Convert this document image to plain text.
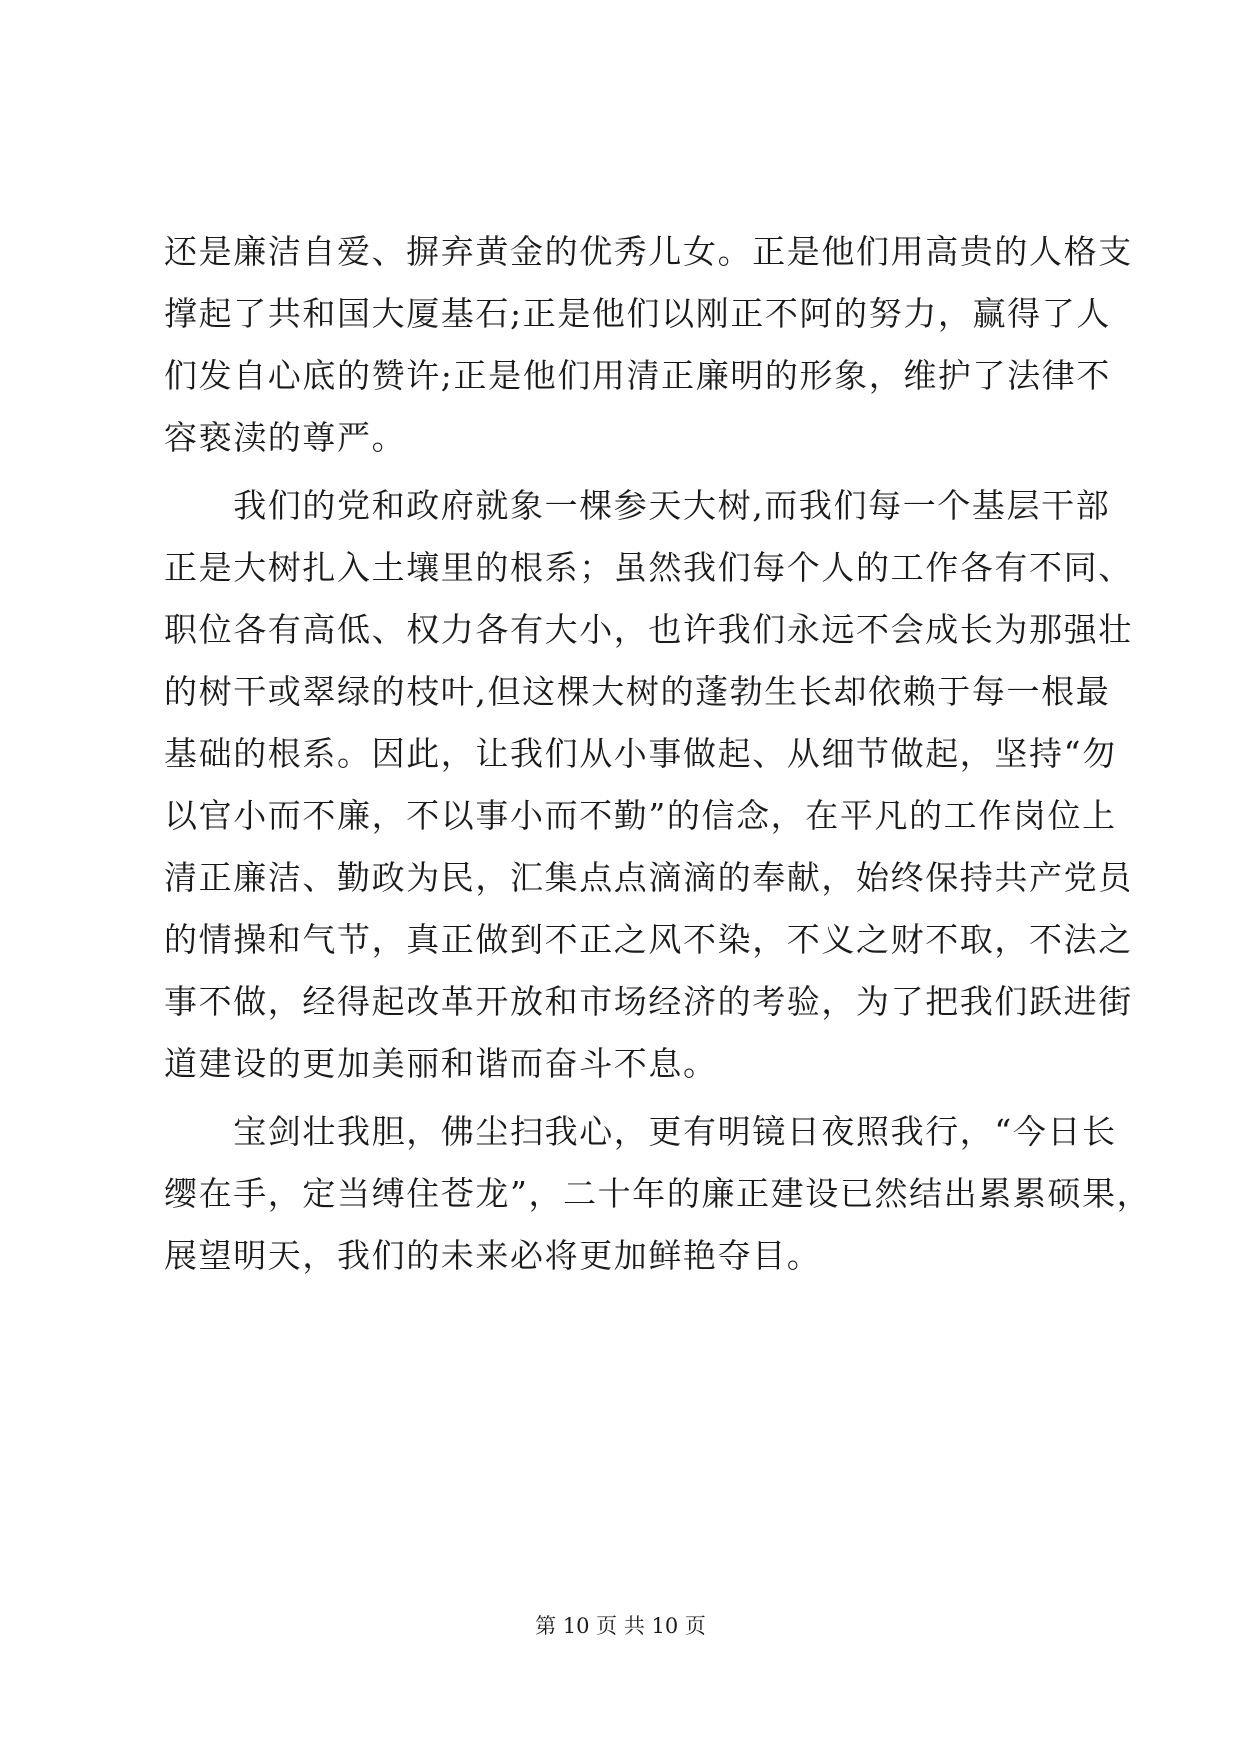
还是廉洁自爱、摒弃黄金的优秀儿女。正是他们用高贵的人格支
撑起了共和国大厦基石;正是他们以刚正不阿的努力，赢得了人
们发自心底的赞许;正是他们用清正廉明的形象，维护了法律不
容亵渎的尊严。
　　我们的党和政府就象一棵参天大树,而我们每一个基层干部
正是大树扎入土壤里的根系；虽然我们每个人的工作各有不同、
职位各有高低、权力各有大小，也许我们永远不会成长为那强壮
的树干或翠绿的枝叶,但这棵大树的蓬勃生长却依赖于每一根最
基础的根系。因此，让我们从小事做起、从细节做起，坚持“勿
以官小而不廉，不以事小而不勤”的信念，在平凡的工作岗位上
清正廉洁、勤政为民，汇集点点滴滴的奉献，始终保持共产党员
的情操和气节，真正做到不正之风不染，不义之财不取，不法之
事不做，经得起改革开放和市场经济的考验，为了把我们跃进街
道建设的更加美丽和谐而奋斗不息。
　　宝剑壮我胆，佛尘扫我心，更有明镜日夜照我行，“今日长
缨在手，定当缚住苍龙”，二十年的廉正建设已然结出累累硕果，
展望明天，我们的未来必将更加鲜艳夺目。
第 10 页 共 10 页
